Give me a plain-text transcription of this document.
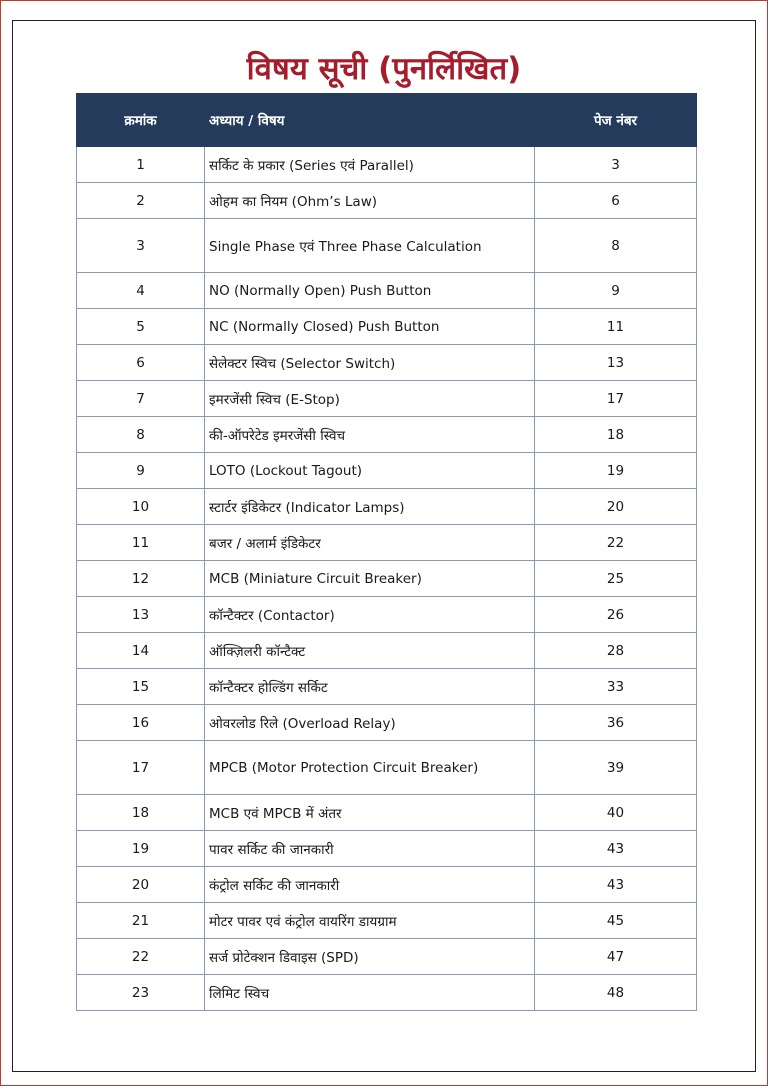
विषय सूची (पुनर्लिखित)
क्रमांक	अध्याय / विषय	पेज नंबर
1	सर्किट के प्रकार (Series एवं Parallel)	3
2	ओहम का नियम (Ohm’s Law)	6
3	Single Phase एवं Three Phase Calculation	8
4	NO (Normally Open) Push Button	9
5	NC (Normally Closed) Push Button	11
6	सेलेक्टर स्विच (Selector Switch)	13
7	इमरजेंसी स्विच (E-Stop)	17
8	की-ऑपरेटेड इमरजेंसी स्विच	18
9	LOTO (Lockout Tagout)	19
10	स्टार्टर इंडिकेटर (Indicator Lamps)	20
11	बजर / अलार्म इंडिकेटर	22
12	MCB (Miniature Circuit Breaker)	25
13	कॉन्टैक्टर (Contactor)	26
14	ऑक्ज़िलरी कॉन्टैक्ट	28
15	कॉन्टैक्टर होल्डिंग सर्किट	33
16	ओवरलोड रिले (Overload Relay)	36
17	MPCB (Motor Protection Circuit Breaker)	39
18	MCB एवं MPCB में अंतर	40
19	पावर सर्किट की जानकारी	43
20	कंट्रोल सर्किट की जानकारी	43
21	मोटर पावर एवं कंट्रोल वायरिंग डायग्राम	45
22	सर्ज प्रोटेक्शन डिवाइस (SPD)	47
23	लिमिट स्विच	48
